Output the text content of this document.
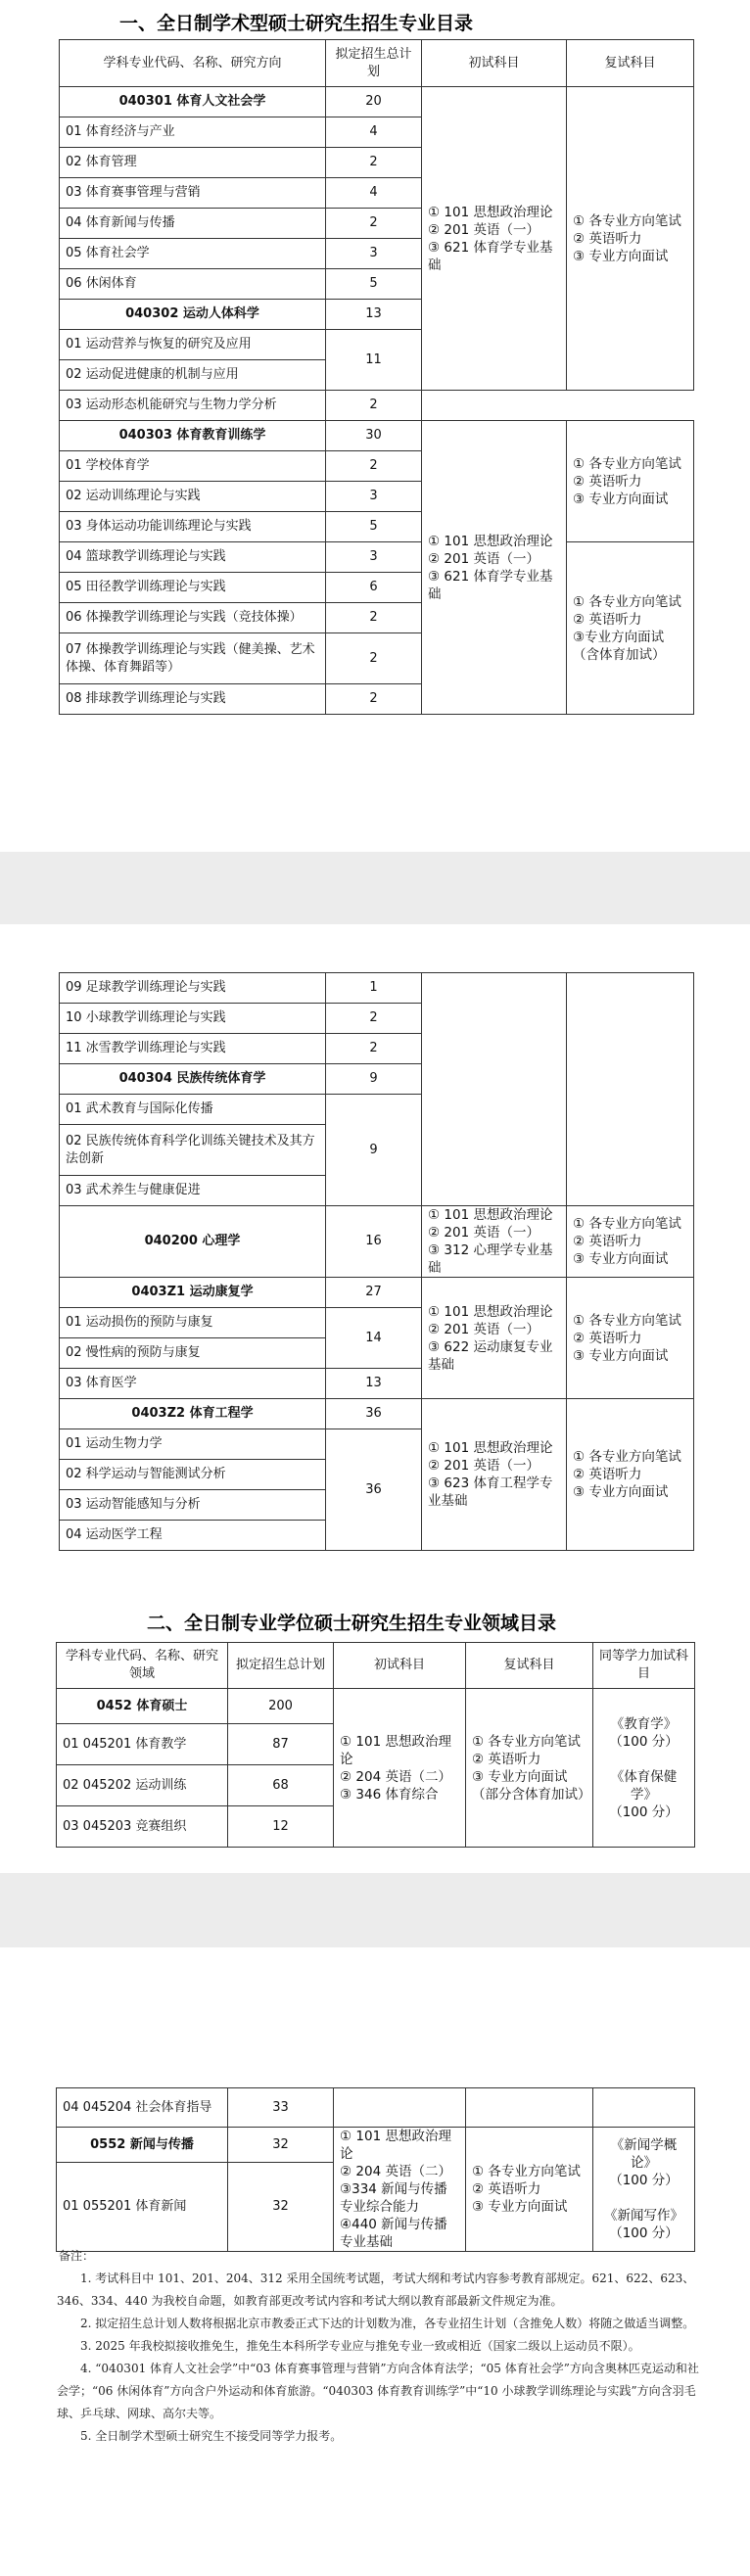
一、全日制学术型硕士研究生招生专业目录
学科专业代码、名称、研究方向	拟定招生总计划	初试科目	复试科目
040301 体育人文社会学	20	① 101 思想政治理论
② 201 英语（一）
③ 621 体育学专业基础	① 各专业方向笔试
② 英语听力
③ 专业方向面试
01 体育经济与产业	4		
02 体育管理	2		
03 体育赛事管理与营销	4		
04 体育新闻与传播	2		
05 体育社会学	3		
06 休闲体育	5		
040302 运动人体科学	13		
01 运动营养与恢复的研究及应用	11		
02 运动促进健康的机制与应用			
03 运动形态机能研究与生物力学分析	2		
040303 体育教育训练学	30	① 101 思想政治理论
② 201 英语（一）
③ 621 体育学专业基础	① 各专业方向笔试
② 英语听力
③ 专业方向面试
01 学校体育学	2		
02 运动训练理论与实践	3		
03 身体运动功能训练理论与实践	5		
04 篮球教学训练理论与实践	3		① 各专业方向笔试
② 英语听力
③专业方向面试（含体育加试）
05 田径教学训练理论与实践	6		
06 体操教学训练理论与实践（竞技体操）	2		
07 体操教学训练理论与实践（健美操、艺术体操、体育舞蹈等）	2		
08 排球教学训练理论与实践	2		
09 足球教学训练理论与实践	1		
10 小球教学训练理论与实践	2		
11 冰雪教学训练理论与实践	2		
040304 民族传统体育学	9		
01 武术教育与国际化传播	9		
02 民族传统体育科学化训练关键技术及其方法创新			
03 武术养生与健康促进			
040200 心理学	16	① 101 思想政治理论
② 201 英语（一）
③ 312 心理学专业基础	① 各专业方向笔试
② 英语听力
③ 专业方向面试
0403Z1 运动康复学	27	① 101 思想政治理论
② 201 英语（一）
③ 622 运动康复专业基础	① 各专业方向笔试
② 英语听力
③ 专业方向面试
01 运动损伤的预防与康复	14		
02 慢性病的预防与康复			
03 体育医学	13		
0403Z2 体育工程学	36	① 101 思想政治理论
② 201 英语（一）
③ 623 体育工程学专业基础	① 各专业方向笔试
② 英语听力
③ 专业方向面试
01 运动生物力学	36		
02 科学运动与智能测试分析			
03 运动智能感知与分析			
04 运动医学工程			
二、全日制专业学位硕士研究生招生专业领域目录
学科专业代码、名称、研究领域	拟定招生总计划	初试科目	复试科目	同等学力加试科目
0452 体育硕士	200	① 101 思想政治理论
② 204 英语（二）
③ 346 体育综合	① 各专业方向笔试
② 英语听力
③ 专业方向面试（部分含体育加试）	《教育学》
（100 分）

《体育保健学》
（100 分）
01 045201 体育教学	87			
02 045202 运动训练	68			
03 045203 竞赛组织	12			
04 045204 社会体育指导	33			
0552 新闻与传播	32	① 101 思想政治理论
② 204 英语（二）
③334 新闻与传播专业综合能力
④440 新闻与传播专业基础	① 各专业方向笔试
② 英语听力
③ 专业方向面试	《新闻学概论》
（100 分）

《新闻写作》
（100 分）
01 055201 体育新闻	32			

备注：

1. 考试科目中 101、201、204、312 采用全国统考试题，考试大纲和考试内容参考教育部规定。621、622、623、346、334、440 为我校自命题，如教育部更改考试内容和考试大纲以教育部最新文件规定为准。

2. 拟定招生总计划人数将根据北京市教委正式下达的计划数为准，各专业招生计划（含推免人数）将随之做适当调整。

3. 2025 年我校拟接收推免生，推免生本科所学专业应与推免专业一致或相近（国家二级以上运动员不限）。

4. “040301 体育人文社会学”中“03 体育赛事管理与营销”方向含体育法学；“05 体育社会学”方向含奥林匹克运动和社会学；“06 休闲体育”方向含户外运动和体育旅游。“040303 体育教育训练学”中“10 小球教学训练理论与实践”方向含羽毛球、乒乓球、网球、高尔夫等。

5. 全日制学术型硕士研究生不接受同等学力报考。
